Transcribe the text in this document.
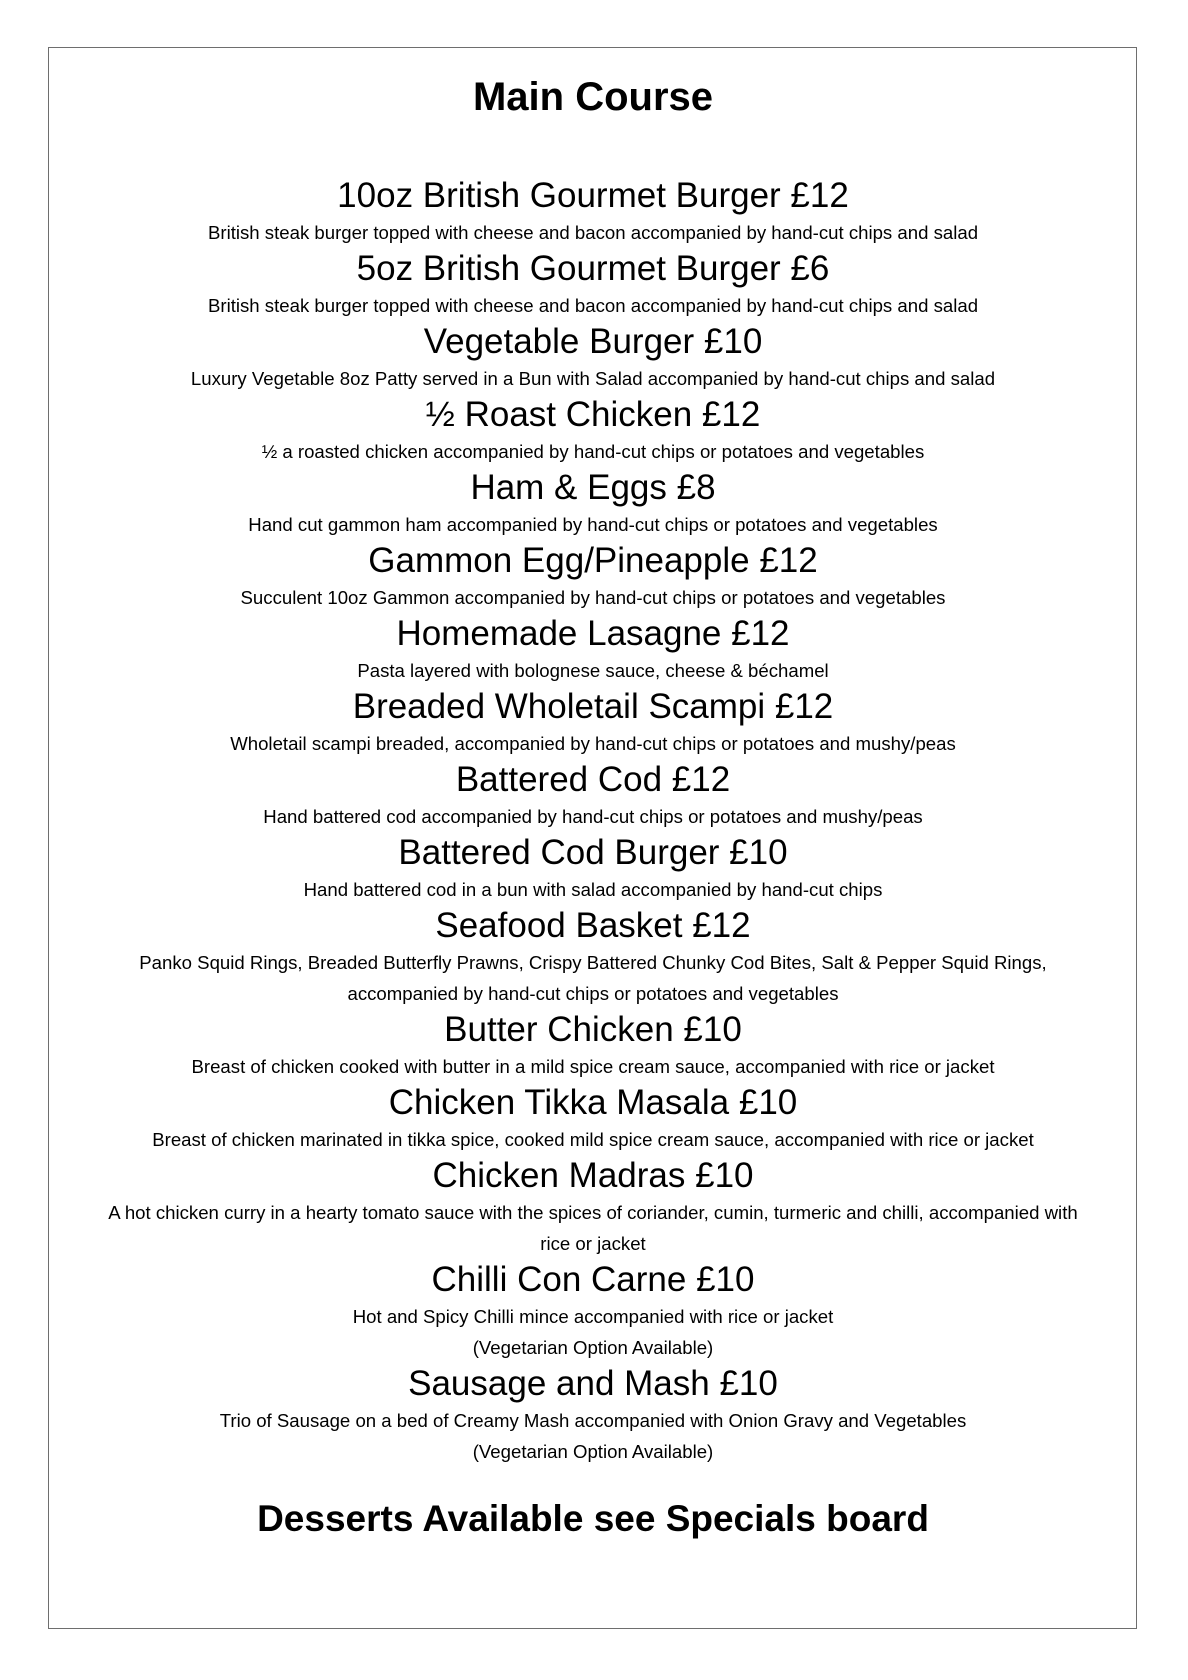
Main Course
10oz British Gourmet Burger £12
British steak burger topped with cheese and bacon accompanied by hand-cut chips and salad
5oz British Gourmet Burger £6
British steak burger topped with cheese and bacon accompanied by hand-cut chips and salad
Vegetable Burger £10
Luxury Vegetable 8oz Patty served in a Bun with Salad accompanied by hand-cut chips and salad
½ Roast Chicken £12
½ a roasted chicken accompanied by hand-cut chips or potatoes and vegetables
Ham & Eggs £8
Hand cut gammon ham accompanied by hand-cut chips or potatoes and vegetables
Gammon Egg/Pineapple £12
Succulent 10oz Gammon accompanied by hand-cut chips or potatoes and vegetables
Homemade Lasagne £12
Pasta layered with bolognese sauce, cheese & béchamel
Breaded Wholetail Scampi £12
Wholetail scampi breaded, accompanied by hand-cut chips or potatoes and mushy/peas
Battered Cod £12
Hand battered cod accompanied by hand-cut chips or potatoes and mushy/peas
Battered Cod Burger £10
Hand battered cod in a bun with salad accompanied by hand-cut chips
Seafood Basket £12
Panko Squid Rings, Breaded Butterfly Prawns, Crispy Battered Chunky Cod Bites, Salt & Pepper Squid Rings,
accompanied by hand-cut chips or potatoes and vegetables
Butter Chicken £10
Breast of chicken cooked with butter in a mild spice cream sauce, accompanied with rice or jacket
Chicken Tikka Masala £10
Breast of chicken marinated in tikka spice, cooked mild spice cream sauce, accompanied with rice or jacket
Chicken Madras £10
A hot chicken curry in a hearty tomato sauce with the spices of coriander, cumin, turmeric and chilli, accompanied with
rice or jacket
Chilli Con Carne £10
Hot and Spicy Chilli mince accompanied with rice or jacket
(Vegetarian Option Available)
Sausage and Mash £10
Trio of Sausage on a bed of Creamy Mash accompanied with Onion Gravy and Vegetables
(Vegetarian Option Available)
Desserts Available see Specials board
